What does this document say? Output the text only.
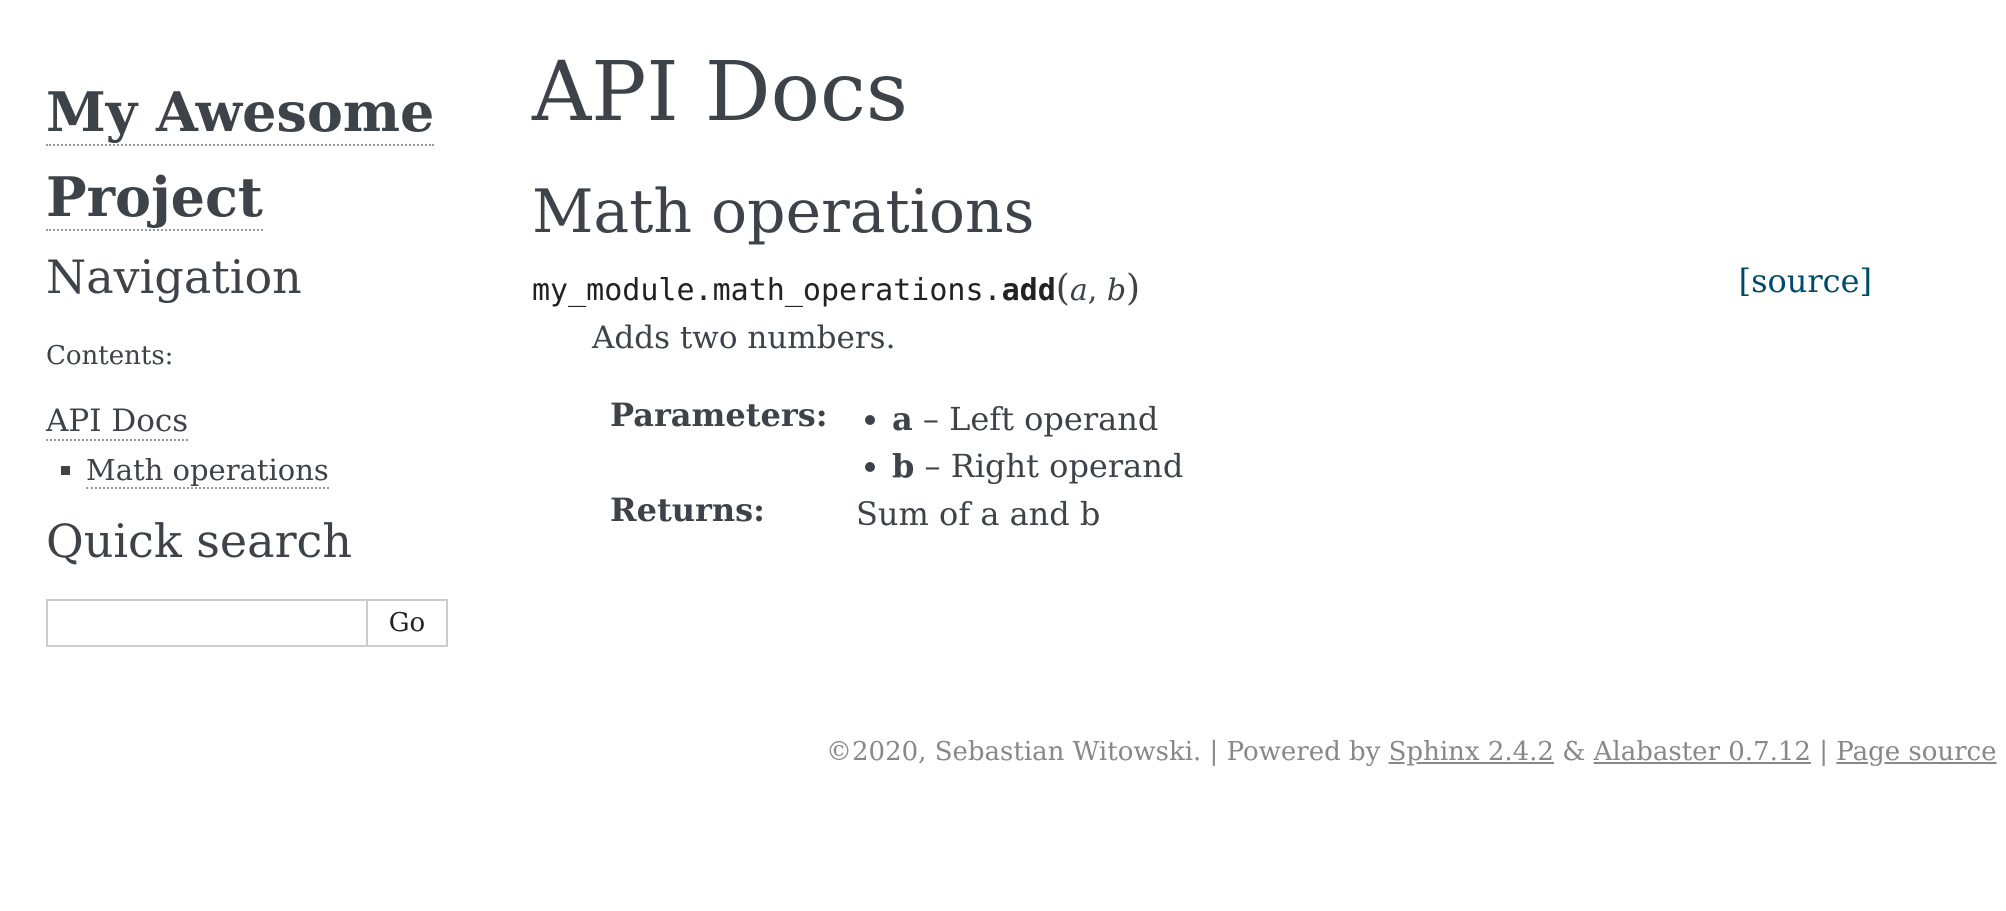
My Awesome
Project
Navigation
Contents:
API Docs
▪ Math operations
Quick search
Go
API Docs
Math operations
my_module.math_operations.add(a, b)	[source]
Adds two numbers.
Parameters:
•	a – Left operand
• b – Right operand
Returns:	Sum of a and b
©2020, Sebastian Witowski. | Powered by Sphinx 2.4.2 & Alabaster 0.7.12 | Page source
